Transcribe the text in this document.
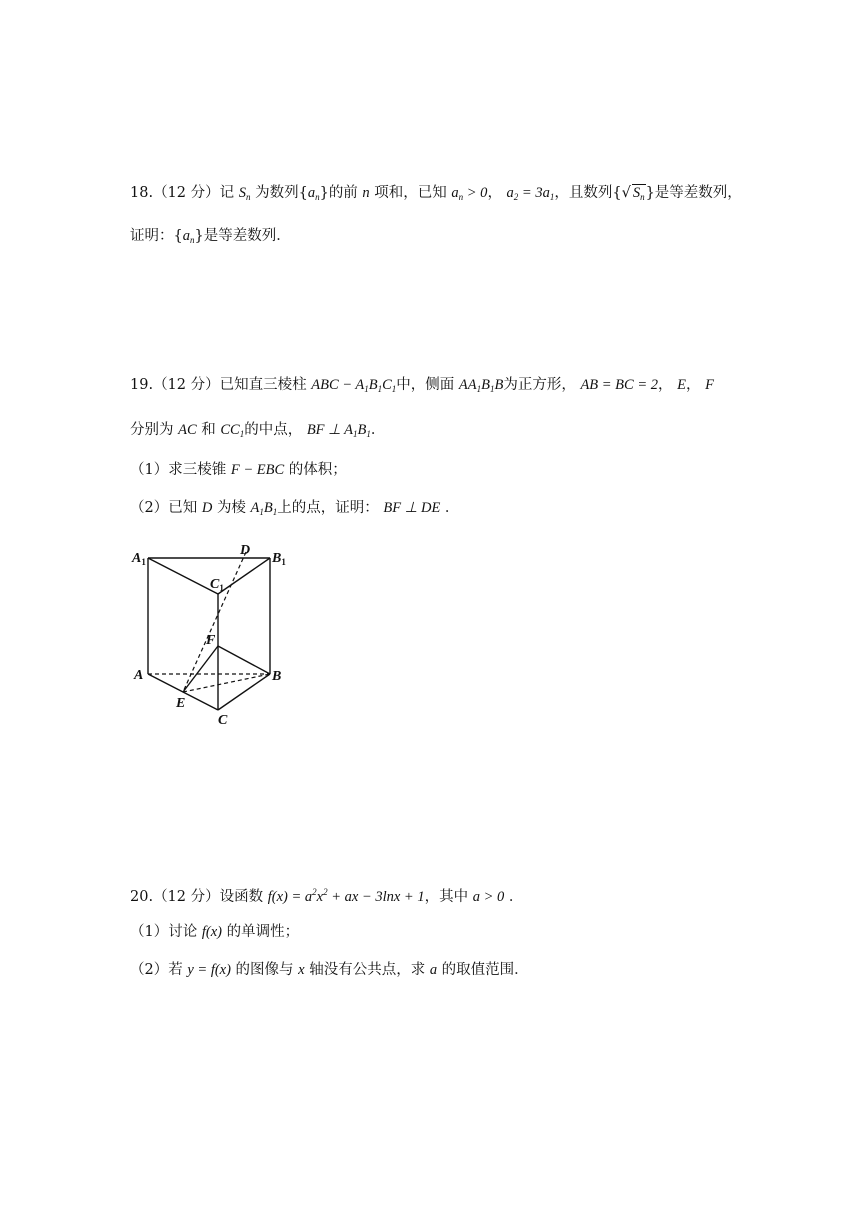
18.（12 分）记 $S_n$ 为数列$\{a_n\}$的前 n 项和，已知 $a_n > 0$， $a_2 = 3a_1$，且数列{√ $S_n$}是等差数列，
证明：$\{a_n\}$是等差数列．
19.（12 分）已知直三棱柱 ABC − $A_1B_1C_1$中，侧面 $AA_1B_1B$为正方形， AB = BC = 2， E， F
分别为 AC 和 $CC_1$的中点， BF ⊥ $A_1B_1$．
（1）求三棱锥 F − EBC 的体积；
（2）已知 D 为棱 $A_1B_1$上的点，证明： BF ⊥ DE ．
$A_1$
D
$B_1$
$C_1$
F
A	B
E
C
20.（12 分）设函数 $f(x) = a^2x^2$ + ax − 3lnx + 1，其中 a > 0 ．
（1）讨论 f(x) 的单调性；
（2）若 y = f(x) 的图像与 x 轴没有公共点，求 a 的取值范围．
